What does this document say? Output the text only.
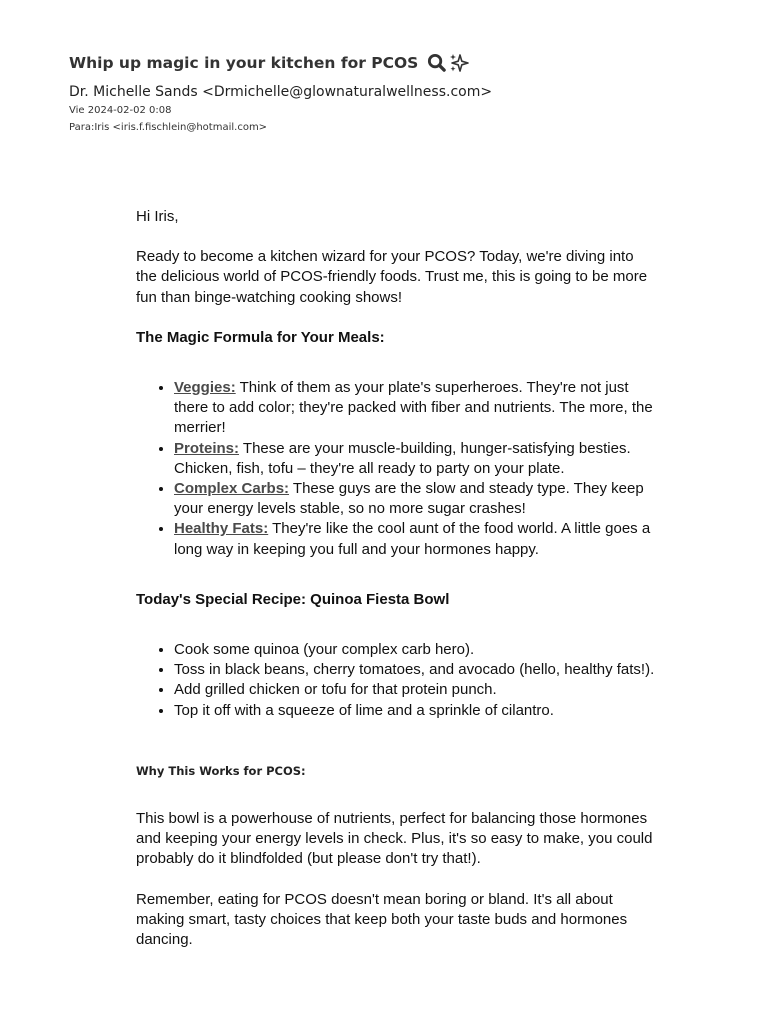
Whip up magic in your kitchen for PCOS
Dr. Michelle Sands <Drmichelle@glownaturalwellness.com>
Vie 2024-02-02 0:08
Para:Iris <iris.f.fischlein@hotmail.com>

Hi Iris,

Ready to become a kitchen wizard for your PCOS? Today, we're diving into the delicious world of PCOS-friendly foods. Trust me, this is going to be more fun than binge-watching cooking shows!

The Magic Formula for Your Meals:

• Veggies: Think of them as your plate's superheroes. They're not just there to add color; they're packed with fiber and nutrients. The more, the merrier!
• Proteins: These are your muscle-building, hunger-satisfying besties. Chicken, fish, tofu – they're all ready to party on your plate.
• Complex Carbs: These guys are the slow and steady type. They keep your energy levels stable, so no more sugar crashes!
• Healthy Fats: They're like the cool aunt of the food world. A little goes a long way in keeping you full and your hormones happy.

Today's Special Recipe: Quinoa Fiesta Bowl

• Cook some quinoa (your complex carb hero).
• Toss in black beans, cherry tomatoes, and avocado (hello, healthy fats!).
• Add grilled chicken or tofu for that protein punch.
• Top it off with a squeeze of lime and a sprinkle of cilantro.

Why This Works for PCOS:

This bowl is a powerhouse of nutrients, perfect for balancing those hormones and keeping your energy levels in check. Plus, it's so easy to make, you could probably do it blindfolded (but please don't try that!).

Remember, eating for PCOS doesn't mean boring or bland. It's all about making smart, tasty choices that keep both your taste buds and hormones dancing.
